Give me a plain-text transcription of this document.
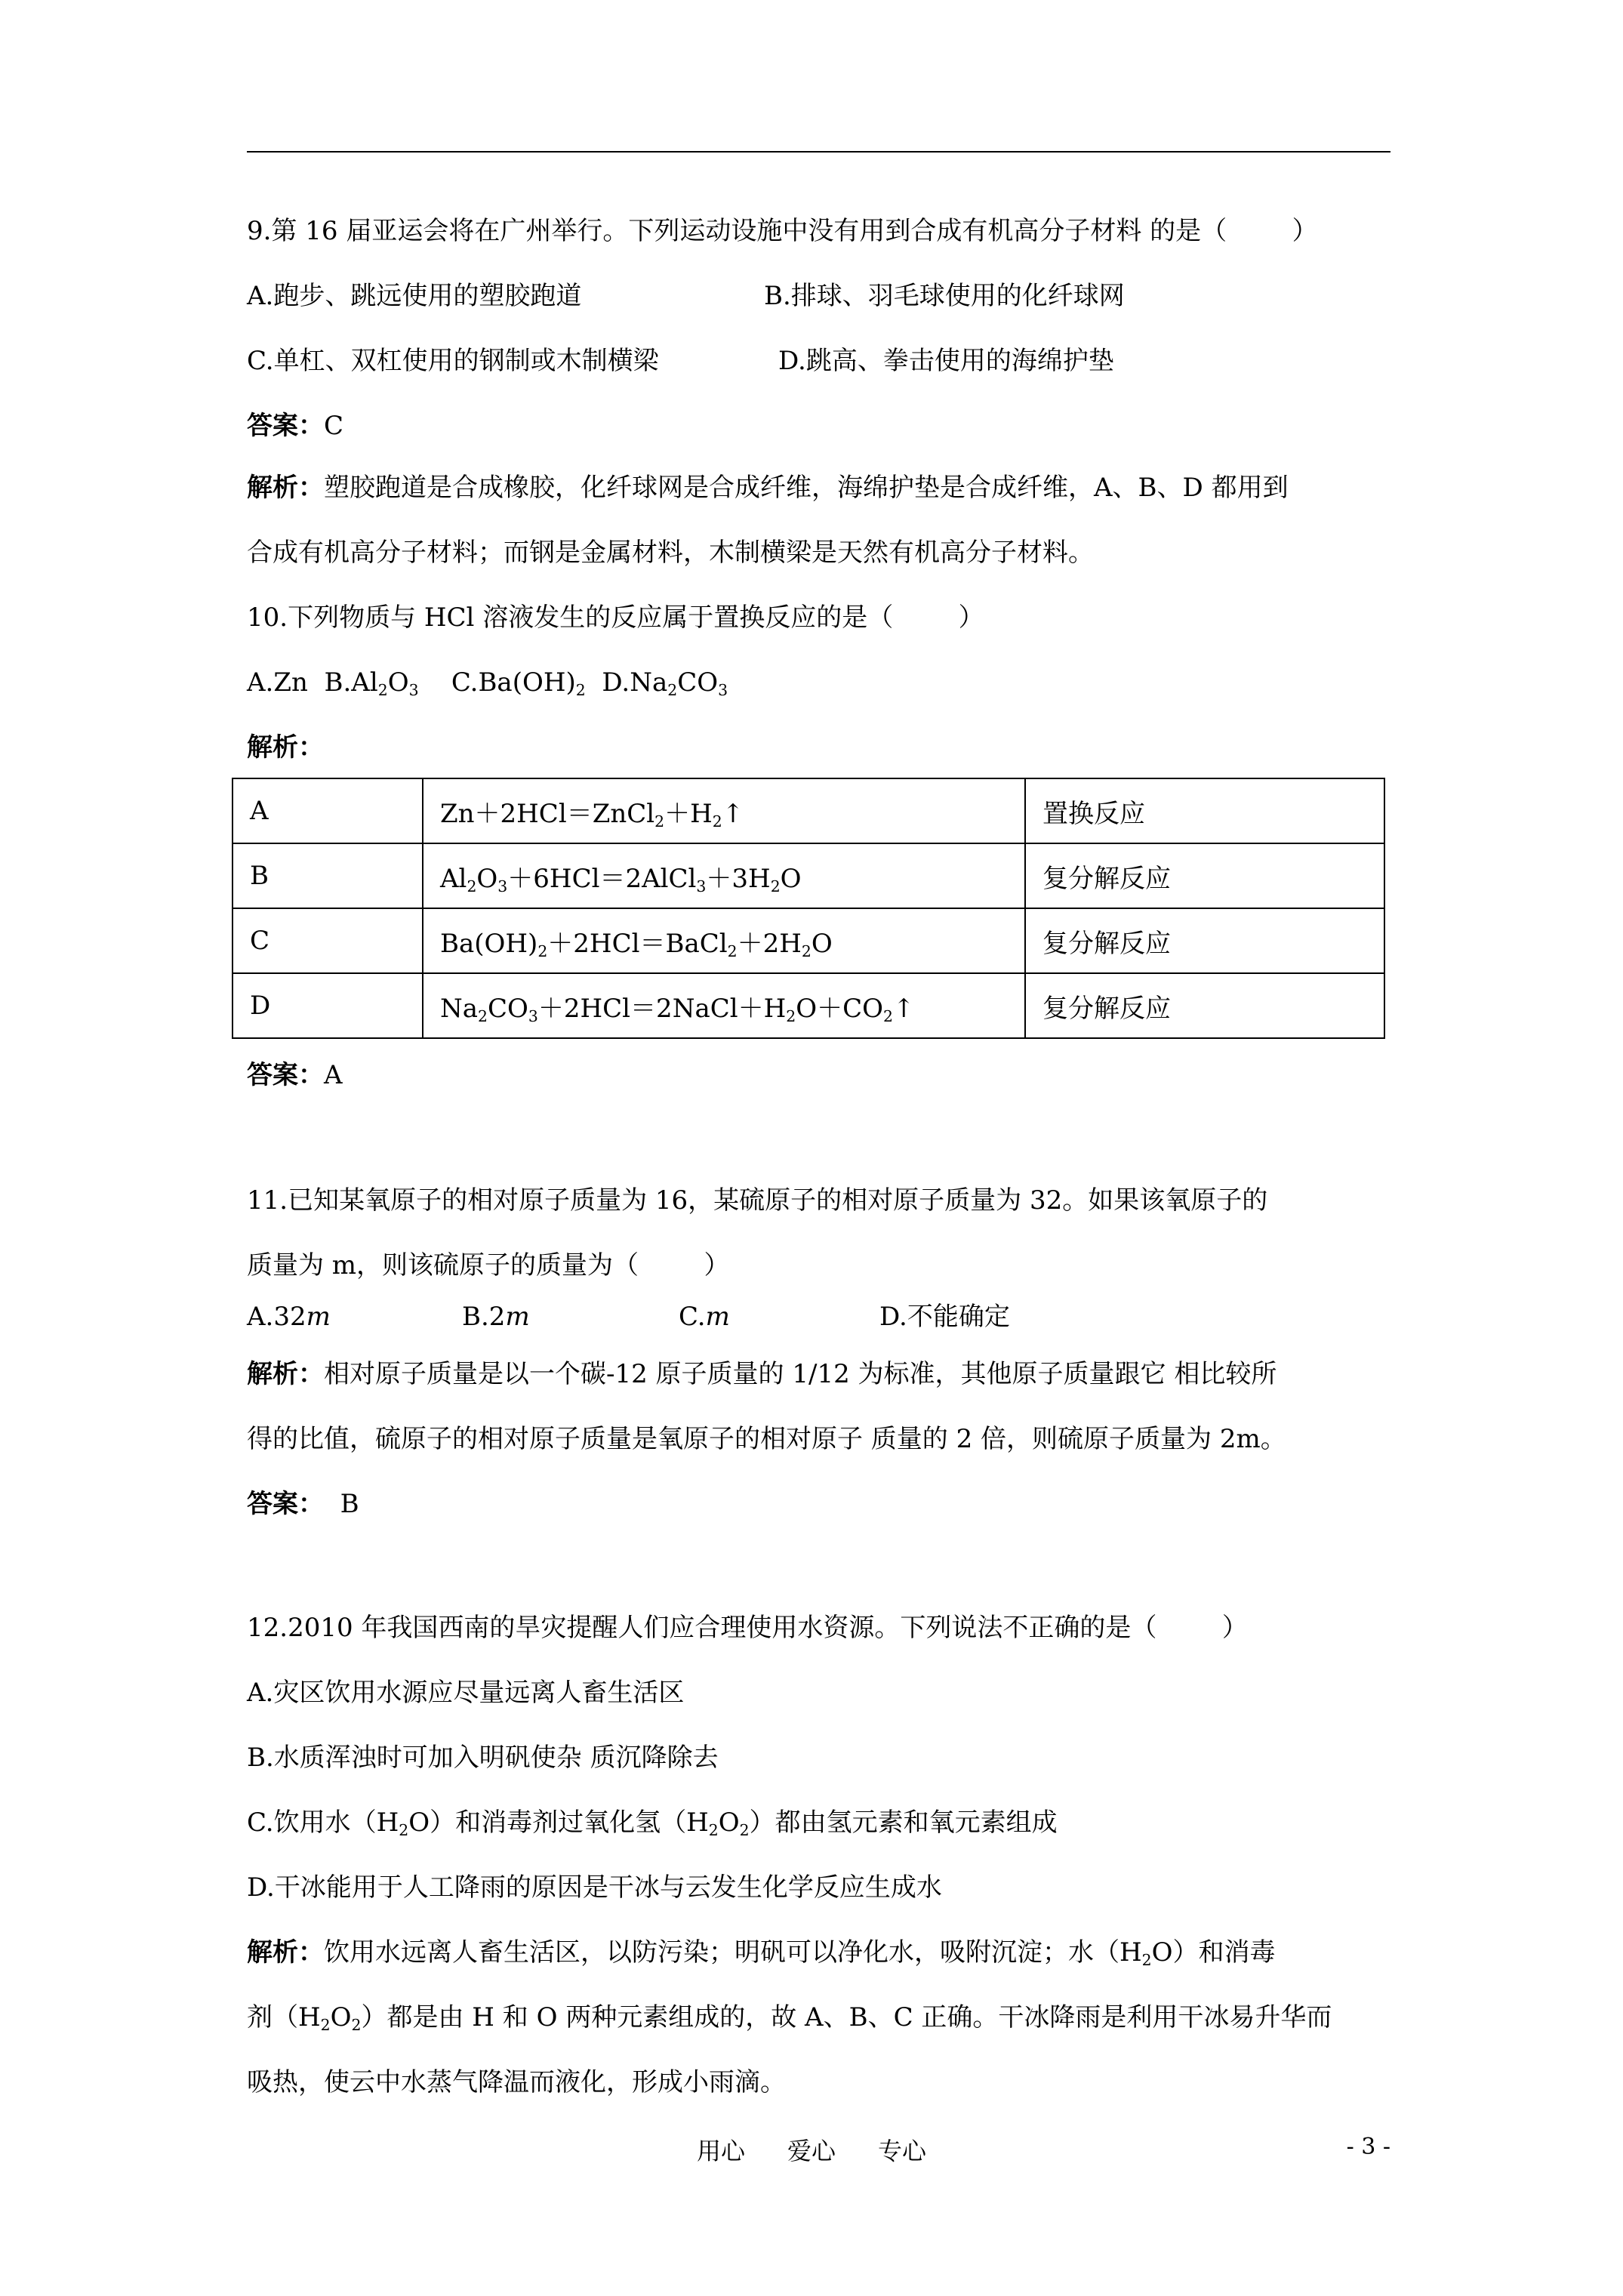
9.第 16 届亚运会将在广州举行。下列运动设施中没有用到合成有机高分子材料 的是（        ）
A.跑步、跳远使用的塑胶跑道	B.排球、羽毛球使用的化纤球网
C.单杠、双杠使用的钢制或木制横梁	D.跳高、拳击使用的海绵护垫
答案：C
解析：塑胶跑道是合成橡胶，化纤球网是合成纤维，海绵护垫是合成纤维，A、B、D 都用到
合成有机高分子材料；而钢是金属材料，木制横梁是天然有机高分子材料。
10.下列物质与 HCl 溶液发生的反应属于置换反应的是（        ）
A.Zn $B.Al_2O_3$ $C.Ba(OH)_2$ $D.Na_2CO_3$
解析：
A	$Zn+2HCl=ZnCl_2+H_2↑$	置换反应
B	$Al_2O_3+6HCl=2AlCl_3+3H_2O$	复分解反应
C	$Ba(OH)_2+2HCl=BaCl_2+2H_2O$	复分解反应
D	$Na_2CO_3+2HCl=2NaCl+H_2O+CO_2↑$	复分解反应
答案：A
11.已知某氧原子的相对原子质量为 16，某硫原子的相对原子质量为 32。如果该氧原子的
质量为 m，则该硫原子的质量为（        ）
A.32m	B.2m	C.m	D.不能确定
解析：相对原子质量是以一个碳-12 原子质量的 1/12 为标准，其他原子质量跟它 相比较所
得的比值，硫原子的相对原子质量是氧原子的相对原子 质量的 2 倍，则硫原子质量为 2m。
答案： B
12.2010 年我国西南的旱灾提醒人们应合理使用水资源。下列说法不正确的是（        ）
A.灾区饮用水源应尽量远离人畜生活区
B.水质浑浊时可加入明矾使杂 质沉降除去
C.饮用水$(H_2O)$和消毒剂过氧化氢$(H_2O_2)$都由氢元素和氧元素组成
D.干冰能用于人工降雨的原因是干冰与云发生化学反应生成水
解析：饮用水远离人畜生活区，以防污染；明矾可以净化水，吸附沉淀；水$(H_2O)$和消毒
剂$(H_2O_2)$都是由 H 和 O 两种元素组成的，故 A、B、C 正确。干冰降雨是利用干冰易升华而
吸热，使云中水蒸气降温而液化，形成小雨滴。
用心 爱心 专心	- 3 -
